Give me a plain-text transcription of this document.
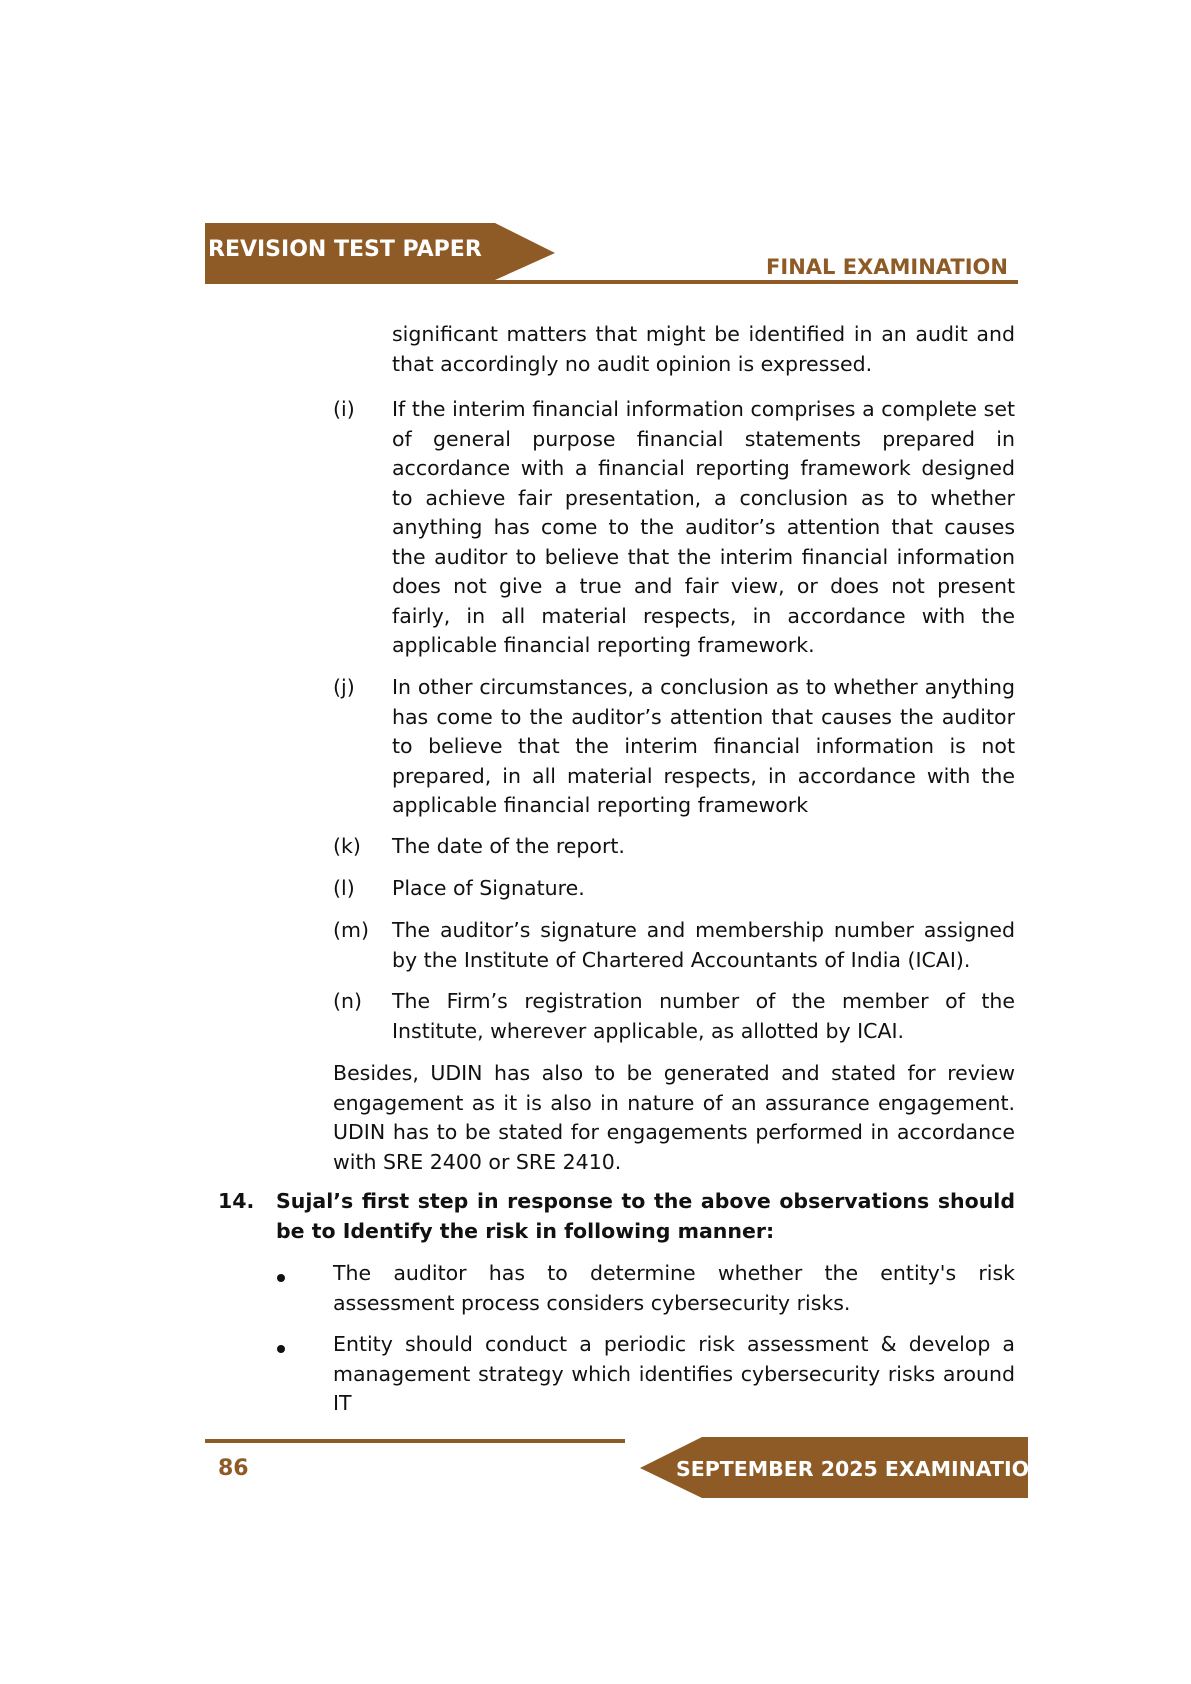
REVISION TEST PAPER
FINAL EXAMINATION
significant matters that might be identified in an audit and that accordingly no audit opinion is expressed.
(i) If the interim financial information comprises a complete set of general purpose financial statements prepared in accordance with a financial reporting framework designed to achieve fair presentation, a conclusion as to whether anything has come to the auditor’s attention that causes the auditor to believe that the interim financial information does not give a true and fair view, or does not present fairly, in all material respects, in accordance with the applicable financial reporting framework.
(j) In other circumstances, a conclusion as to whether anything has come to the auditor’s attention that causes the auditor to believe that the interim financial information is not prepared, in all material respects, in accordance with the applicable financial reporting framework
(k) The date of the report.
(l) Place of Signature.
(m) The auditor’s signature and membership number assigned by the Institute of Chartered Accountants of India (ICAI).
(n) The Firm’s registration number of the member of the Institute, wherever applicable, as allotted by ICAI.
Besides, UDIN has also to be generated and stated for review engagement as it is also in nature of an assurance engagement. UDIN has to be stated for engagements performed in accordance with SRE 2400 or SRE 2410.
14. Sujal’s first step in response to the above observations should be to Identify the risk in following manner:
The auditor has to determine whether the entity's risk assessment process considers cybersecurity risks.
Entity should conduct a periodic risk assessment & develop a management strategy which identifies cybersecurity risks around IT
86	SEPTEMBER 2025 EXAMINATION
